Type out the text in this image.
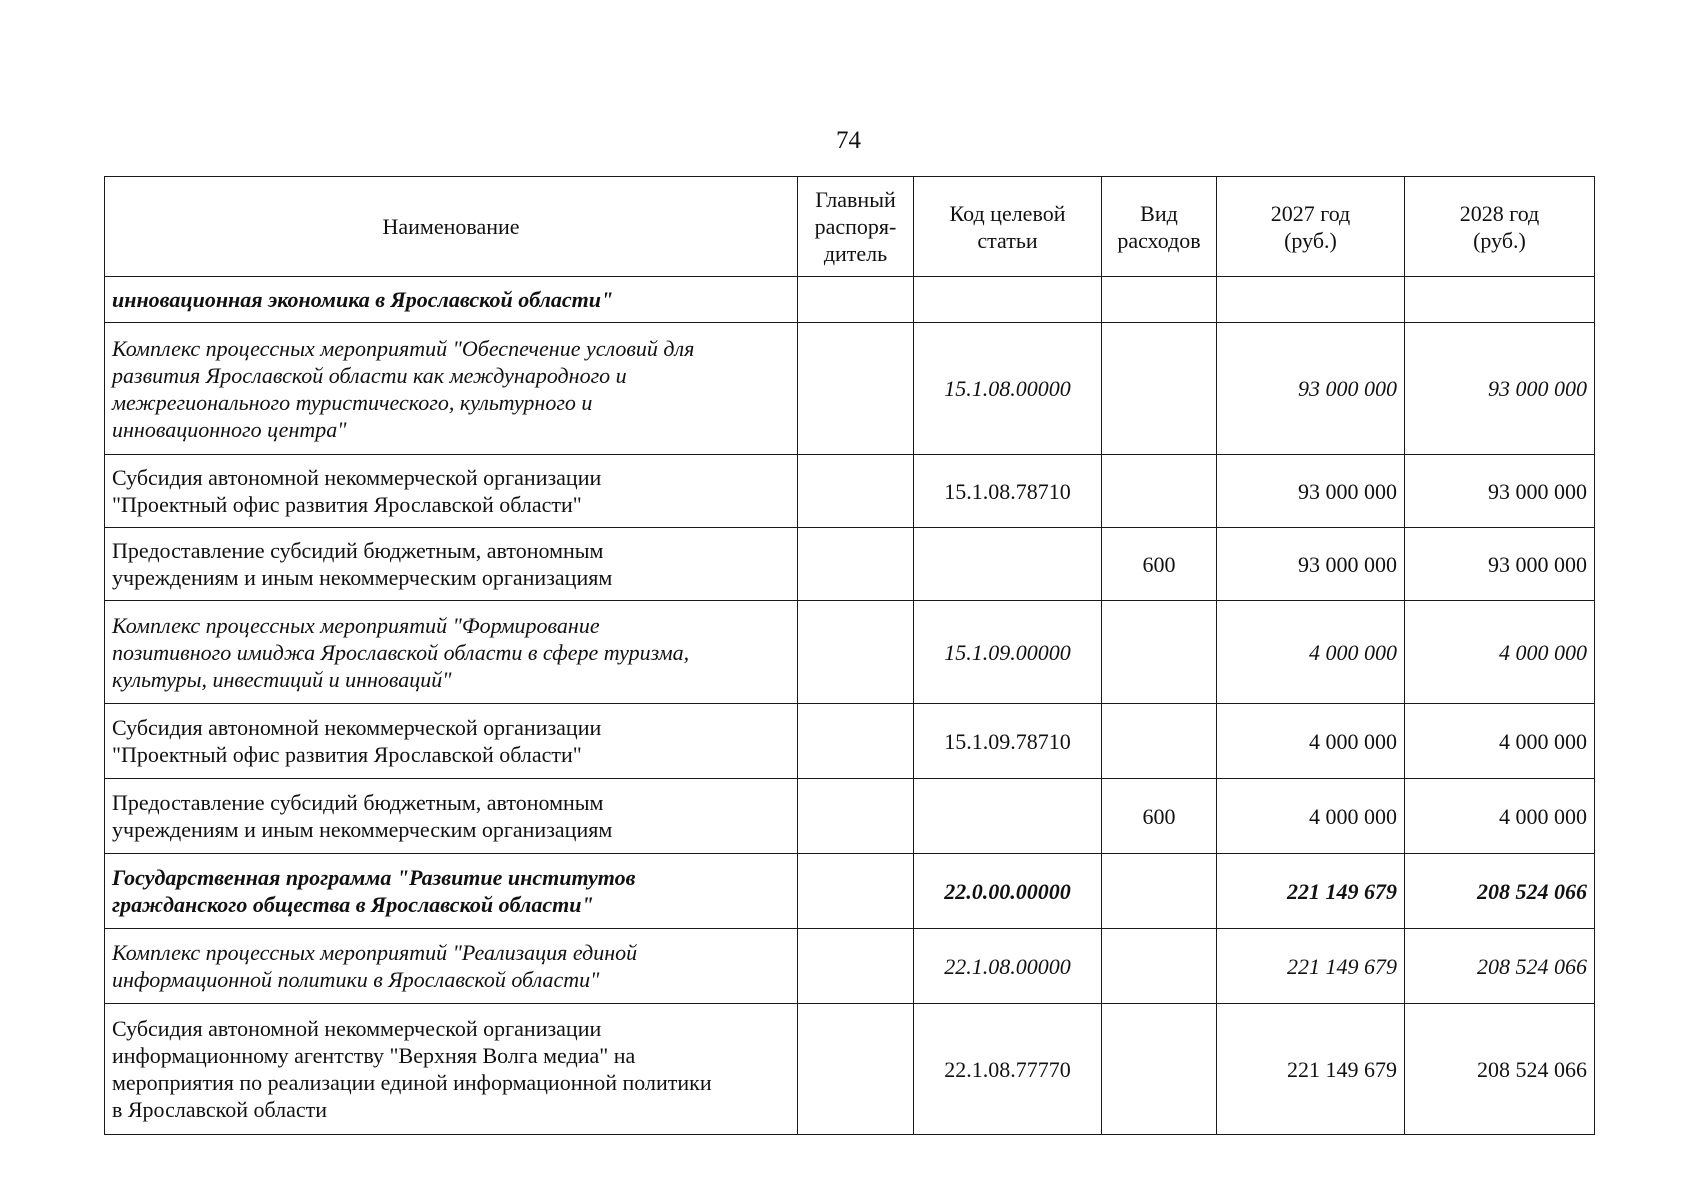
74
Наименование	Главный
распоря-
дитель	Код целевой
статьи	Вид
расходов	2027 год
(руб.)	2028 год
(руб.)

инновационная экономика в Ярославской области"					

Комплекс процессных мероприятий "Обеспечение условий для
развития Ярославской области как международного и
межрегионального туристического, культурного и
инновационного центра"		15.1.08.00000		93 000 000	93 000 000

Субсидия автономной некоммерческой организации
"Проектный офис развития Ярославской области"		15.1.08.78710		93 000 000	93 000 000

Предоставление субсидий бюджетным, автономным
учреждениям и иным некоммерческим организациям			600	93 000 000	93 000 000

Комплекс процессных мероприятий "Формирование
позитивного имиджа Ярославской области в сфере туризма,
культуры, инвестиций и инноваций"		15.1.09.00000		4 000 000	4 000 000

Субсидия автономной некоммерческой организации
"Проектный офис развития Ярославской области"		15.1.09.78710		4 000 000	4 000 000

Предоставление субсидий бюджетным, автономным
учреждениям и иным некоммерческим организациям			600	4 000 000	4 000 000

Государственная программа "Развитие институтов
гражданского общества в Ярославской области"		22.0.00.00000		221 149 679	208 524 066

Комплекс процессных мероприятий "Реализация единой
информационной политики в Ярославской области"		22.1.08.00000		221 149 679	208 524 066

Субсидия автономной некоммерческой организации
информационному агентству "Верхняя Волга медиа" на
мероприятия по реализации единой информационной политики
в Ярославской области		22.1.08.77770		221 149 679	208 524 066
